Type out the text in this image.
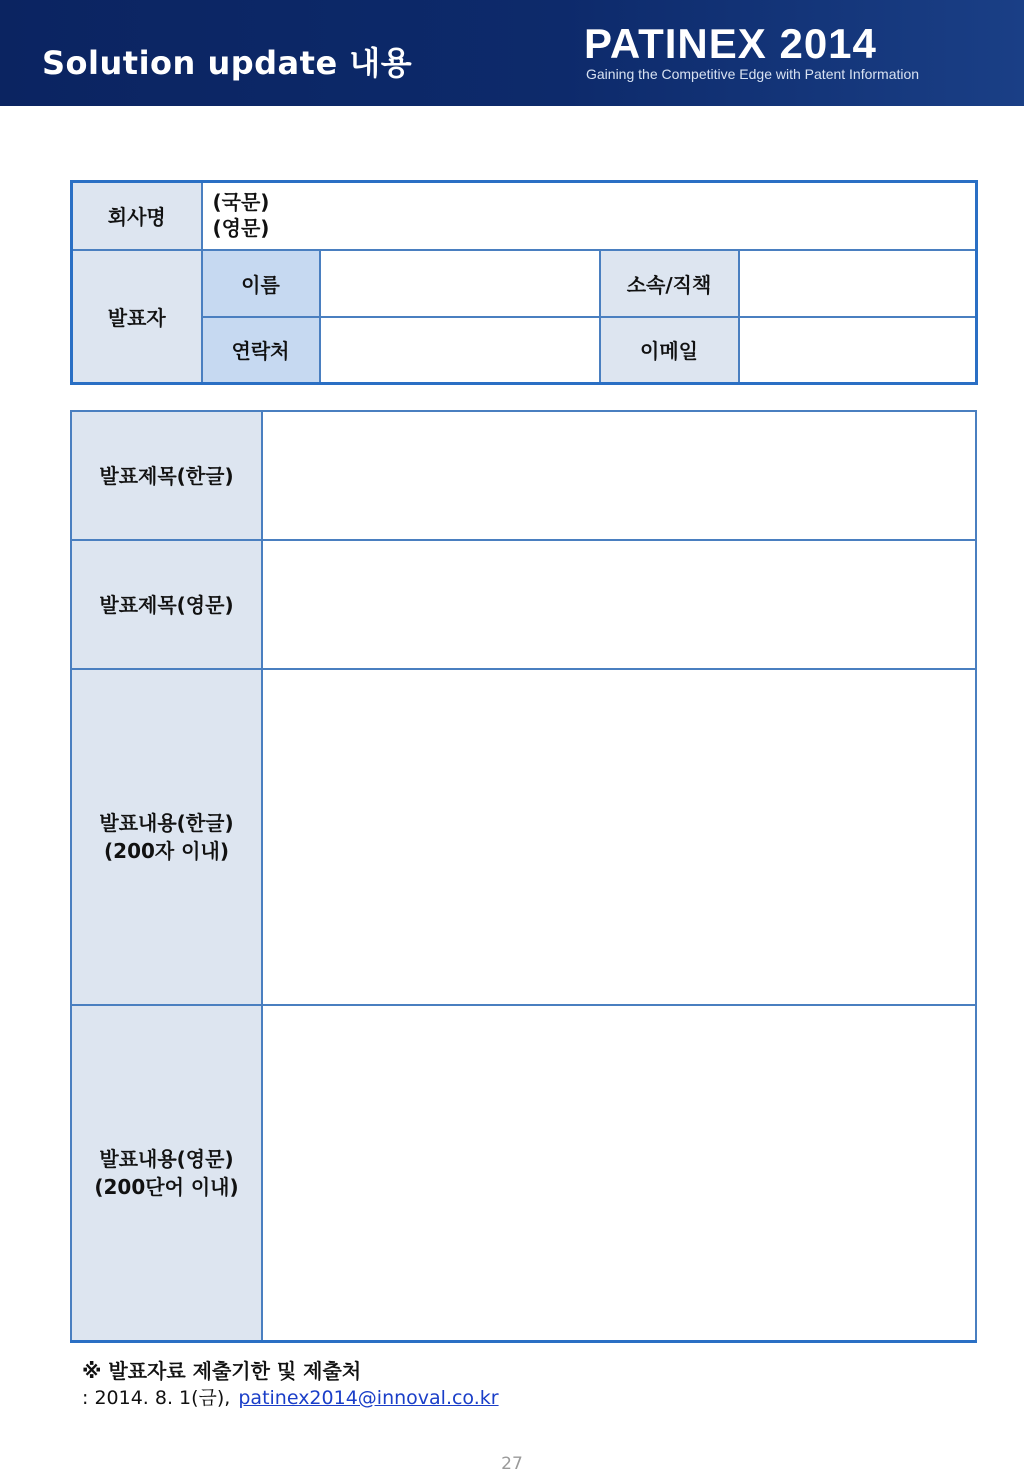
Solution update 내용	PATINEX 2014
Gaining the Competitive Edge with Patent Information
회사명	(국문)
(영문)			

발표자	이름		소속/직책	
	연락처		이메일	
발표제목(한글)	
발표제목(영문)	

발표내용(한글)
(200자 이내)	

발표내용(영문)
(200단어 이내)	

※ 발표자료 제출기한 및 제출처
: 2014. 8. 1(금), patinex2014@innoval.co.kr
27
